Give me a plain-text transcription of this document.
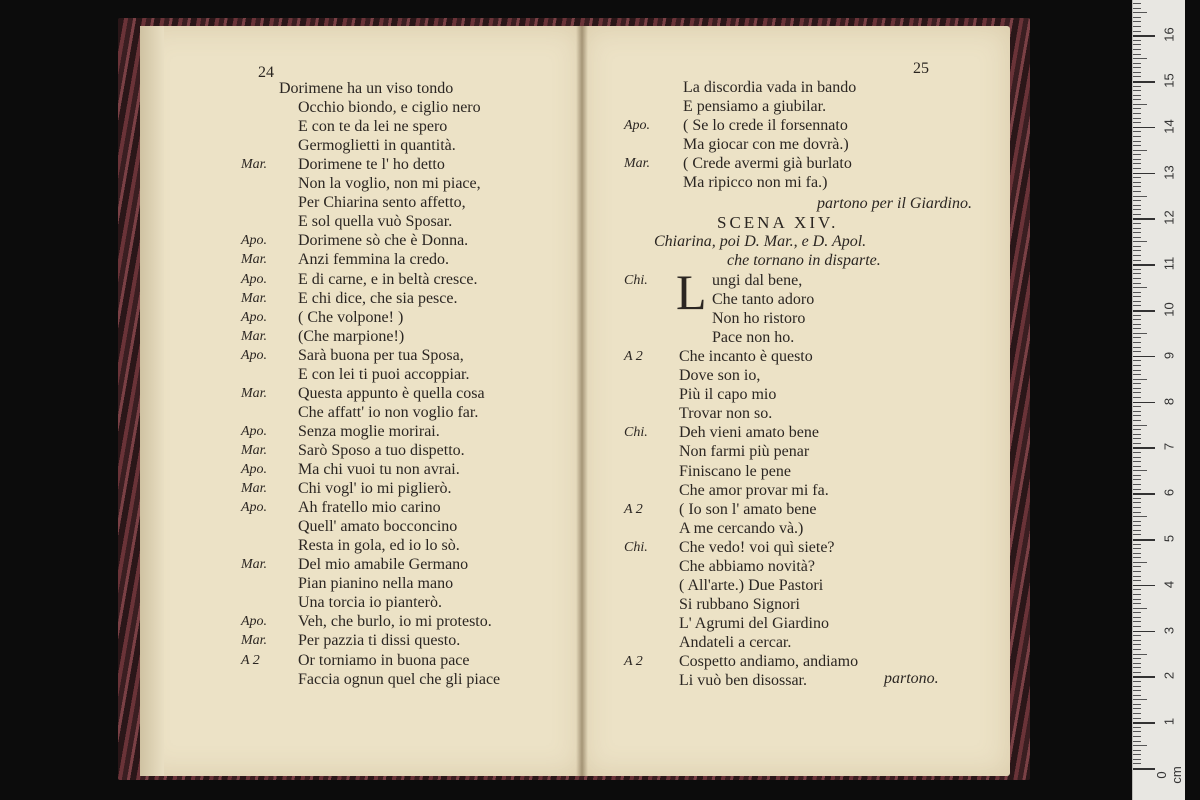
24	25
Dorimene ha un viso tondo
Occhio biondo, e ciglio nero
E con te da lei ne spero
Germoglietti in quantità.
Mar. Dorimene te l' ho detto
Non la voglio, non mi piace,
Per Chiarina sento affetto,
E sol quella vuò Sposar.
Apo. Dorimene sò che è Donna.
Mar. Anzi femmina la credo.
Apo. E di carne, e in beltà cresce.
Mar. E chi dice, che sia pesce.
Apo. ( Che volpone! )
Mar. (Che marpione!)
Apo. Sarà buona per tua Sposa,
E con lei ti puoi accoppiar.
Mar. Questa appunto è quella cosa
Che affatt' io non voglio far.
Apo. Senza moglie morirai.
Mar. Sarò Sposo a tuo dispetto.
Apo. Ma chi vuoi tu non avrai.
Mar. Chi vogl' io mi piglierò.
Apo. Ah fratello mio carino
Quell' amato bocconcino
Resta in gola, ed io lo sò.
Mar. Del mio amabile Germano
Pian pianino nella mano
Una torcia io pianterò.
Apo. Veh, che burlo, io mi protesto.
Mar. Per pazzia ti dissi questo.
A 2 Or torniamo in buona pace
Faccia ognun quel che gli piace
partono per il Giardino.
SCENA XIV.
Chiarina, poi D. Mar., e D. Apol.
che tornano in disparte.
L ungi dal bene,
partono.
La discordia vada in bando
E pensiamo a giubilar.
Apo. ( Se lo crede il forsennato
Ma giocar con me dovrà.)
Mar. ( Crede avermi già burlato
Ma ripicco non mi fa.)
Chi.
Che tanto adoro
Non ho ristoro
Pace non ho.
A 2 Che incanto è questo
Dove son io,
Più il capo mio
Trovar non so.
Chi. Deh vieni amato bene
Non farmi più penar
Finiscano le pene
Che amor provar mi fa.
A 2 ( Io son l' amato bene
A me cercando và.)
Chi. Che vedo! voi quì siete?
Che abbiamo novità?
( All'arte.) Due Pastori
Si rubbano Signori
L' Agrumi del Giardino
Andateli a cercar.
A 2 Cospetto andiamo, andiamo
Li vuò ben disossar.
0 cm
1
2
3
4
5
6
7
8
9
10
11
12
13
14
15
16
